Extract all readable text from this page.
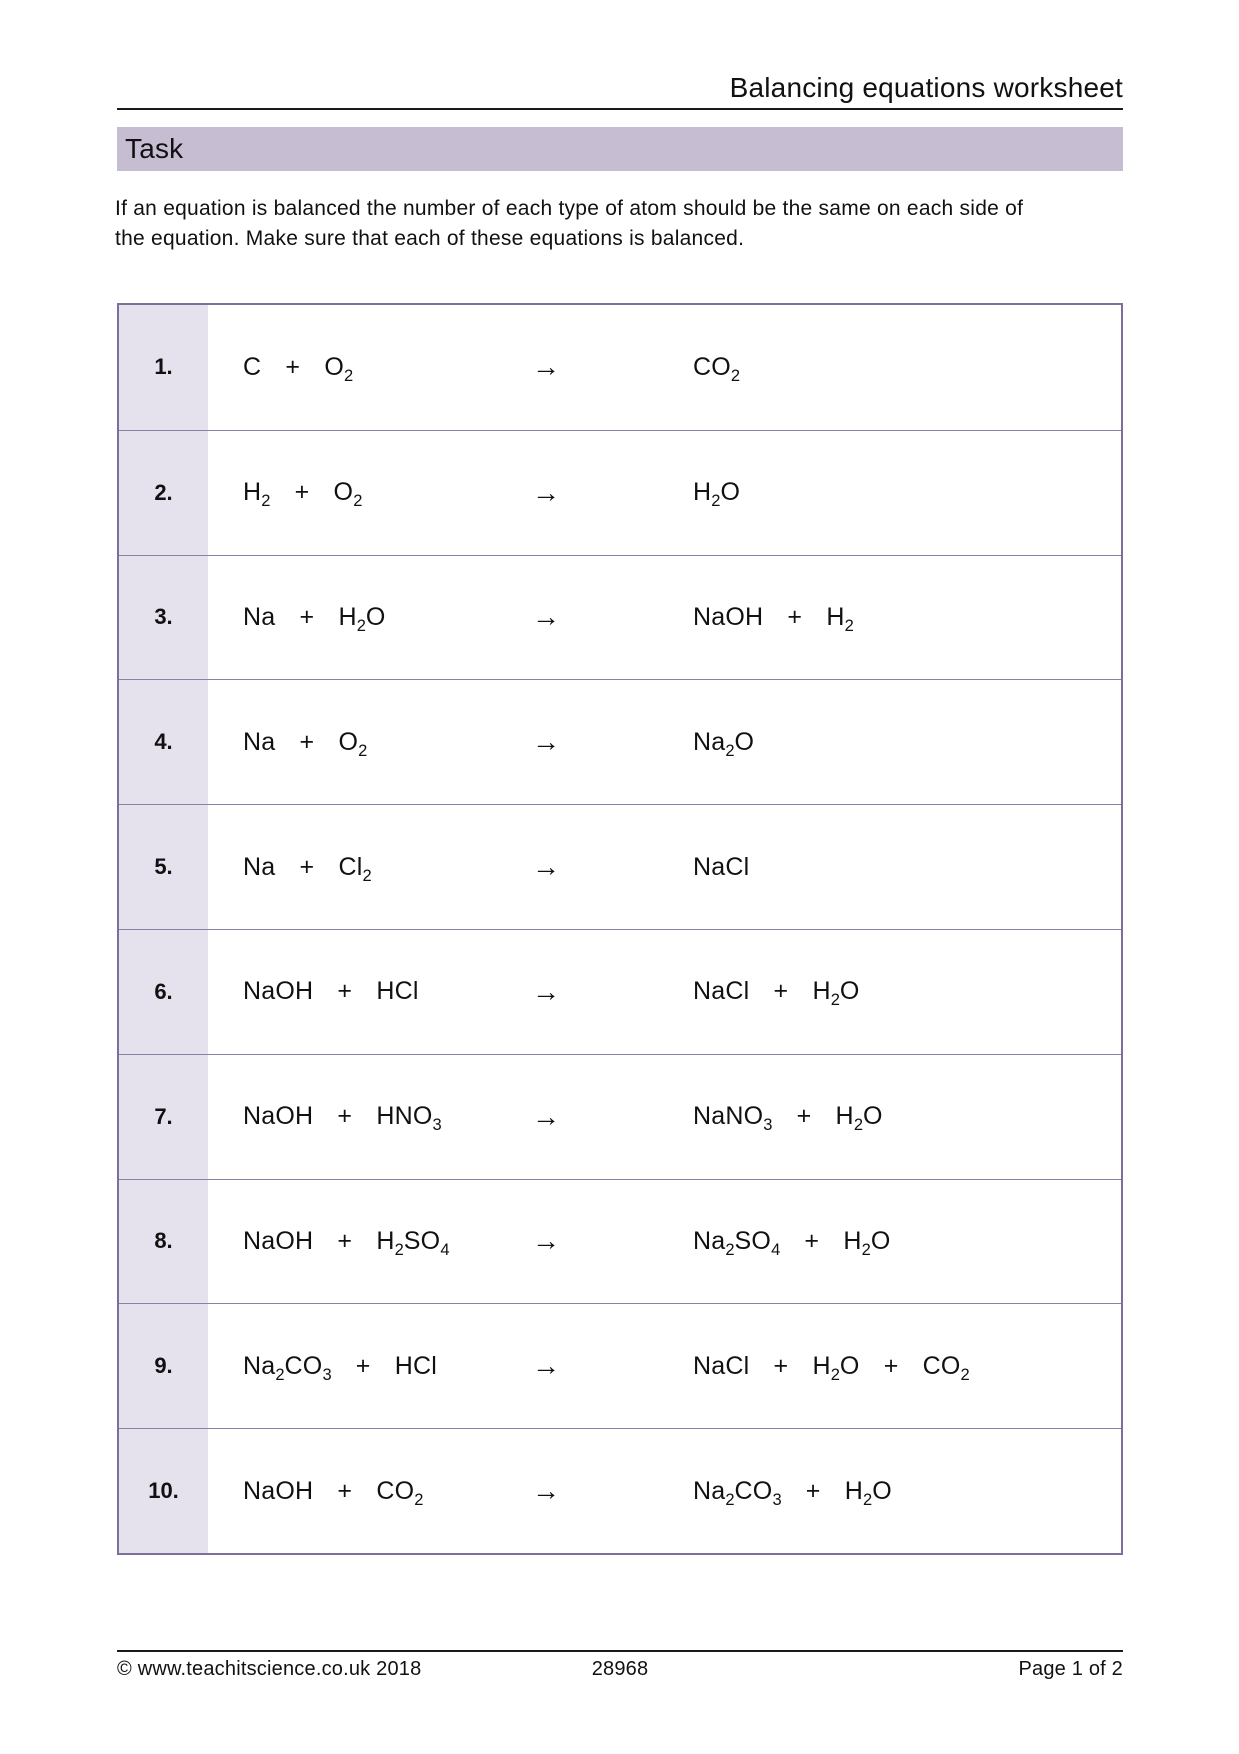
Balancing equations worksheet
Task
If an equation is balanced the number of each type of atom should be the same on each side of
the equation. Make sure that each of these equations is balanced.
1.	$C + O_2$	→	$CO_2$
2.	$H_2 + O_2$	→	$H_2O$
3.	$Na + H_2O$	→	NaOH + $H_2$
4.	$Na + O_2$	→	$Na_2O$
5.	$Na + Cl_2$	→	NaCl
6.	NaOH + HCl	→	NaCl + $H_2O$
7.	NaOH + $HNO_3$	→	NaNO$_3$ + $H_2O$
8.	NaOH + $H_2SO_4$	→	$Na_2SO_4 + H_2O$
9.	$Na_2CO_3$ + HCl	→	NaCl + $H_2O + CO_2$
10.	NaOH + $CO_2$	→	$Na_2CO_3 + H_2O$
© www.teachitscience.co.uk 2018	28968	Page 1 of 2
